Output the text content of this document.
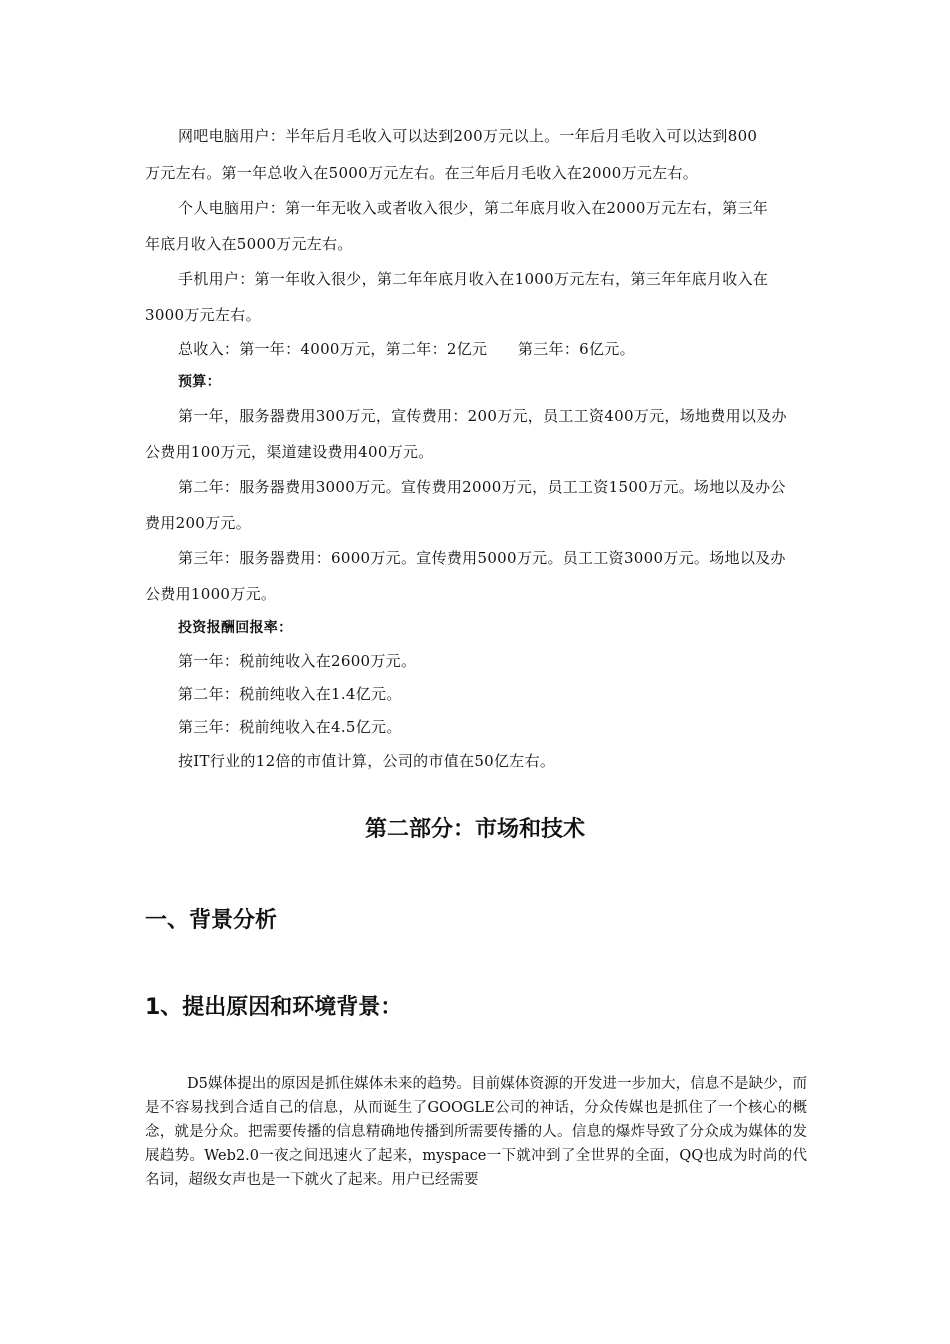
网吧电脑用户：半年后月毛收入可以达到200万元以上。一年后月毛收入可以达到800
万元左右。第一年总收入在5000万元左右。在三年后月毛收入在2000万元左右。
个人电脑用户：第一年无收入或者收入很少，第二年底月收入在2000万元左右，第三年
年底月收入在5000万元左右。
手机用户：第一年收入很少，第二年年底月收入在1000万元左右，第三年年底月收入在
3000万元左右。
总收入：第一年：4000万元，第二年：2亿元　　第三年：6亿元。
预算：
第一年，服务器费用300万元，宣传费用：200万元，员工工资400万元，场地费用以及办
公费用100万元，渠道建设费用400万元。
第二年：服务器费用3000万元。宣传费用2000万元，员工工资1500万元。场地以及办公
费用200万元。
第三年：服务器费用：6000万元。宣传费用5000万元。员工工资3000万元。场地以及办
公费用1000万元。
投资报酬回报率：
第一年：税前纯收入在2600万元。
第二年：税前纯收入在1.4亿元。
第三年：税前纯收入在4.5亿元。
按IT行业的12倍的市值计算，公司的市值在50亿左右。
第二部分：市场和技术
一、背景分析
1、提出原因和环境背景：
D5媒体提出的原因是抓住媒体未来的趋势。目前媒体资源的开发进一步加大，信息不是缺少，而是不容易找到合适自己的信息，从而诞生了GOOGLE公司的神话，分众传媒也是抓住了一个核心的概念，就是分众。把需要传播的信息精确地传播到所需要传播的人。信息的爆炸导致了分众成为媒体的发展趋势。Web2.0一夜之间迅速火了起来，myspace一下就冲到了全世界的全面，QQ也成为时尚的代名词，超级女声也是一下就火了起来。用户已经需要
